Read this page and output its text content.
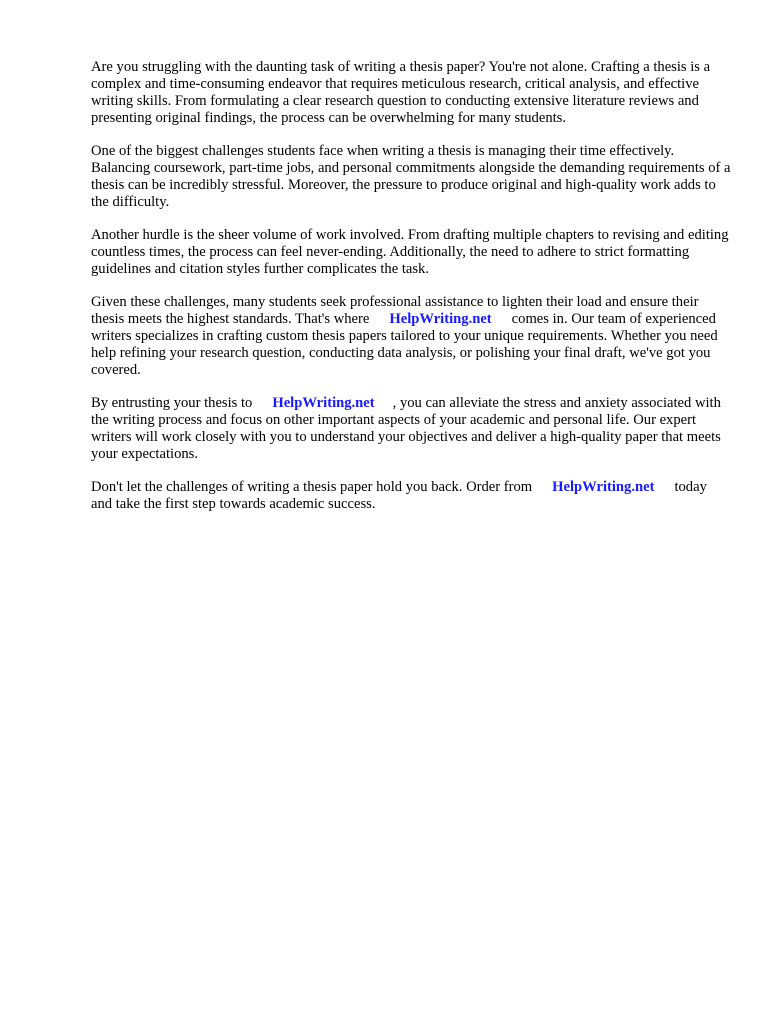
Are you struggling with the daunting task of writing a thesis paper? You're not alone. Crafting a thesis is a complex and time-consuming endeavor that requires meticulous research, critical analysis, and effective writing skills. From formulating a clear research question to conducting extensive literature reviews and presenting original findings, the process can be overwhelming for many students.

One of the biggest challenges students face when writing a thesis is managing their time effectively. Balancing coursework, part-time jobs, and personal commitments alongside the demanding requirements of a thesis can be incredibly stressful. Moreover, the pressure to produce original and high-quality work adds to the difficulty.

Another hurdle is the sheer volume of work involved. From drafting multiple chapters to revising and editing countless times, the process can feel never-ending. Additionally, the need to adhere to strict formatting guidelines and citation styles further complicates the task.

Given these challenges, many students seek professional assistance to lighten their load and ensure their thesis meets the highest standards. That's where HelpWriting.net comes in. Our team of experienced writers specializes in crafting custom thesis papers tailored to your unique requirements. Whether you need help refining your research question, conducting data analysis, or polishing your final draft, we've got you covered.

By entrusting your thesis to HelpWriting.net , you can alleviate the stress and anxiety associated with the writing process and focus on other important aspects of your academic and personal life. Our expert writers will work closely with you to understand your objectives and deliver a high-quality paper that meets your expectations.

Don't let the challenges of writing a thesis paper hold you back. Order from HelpWriting.net today and take the first step towards academic success.
